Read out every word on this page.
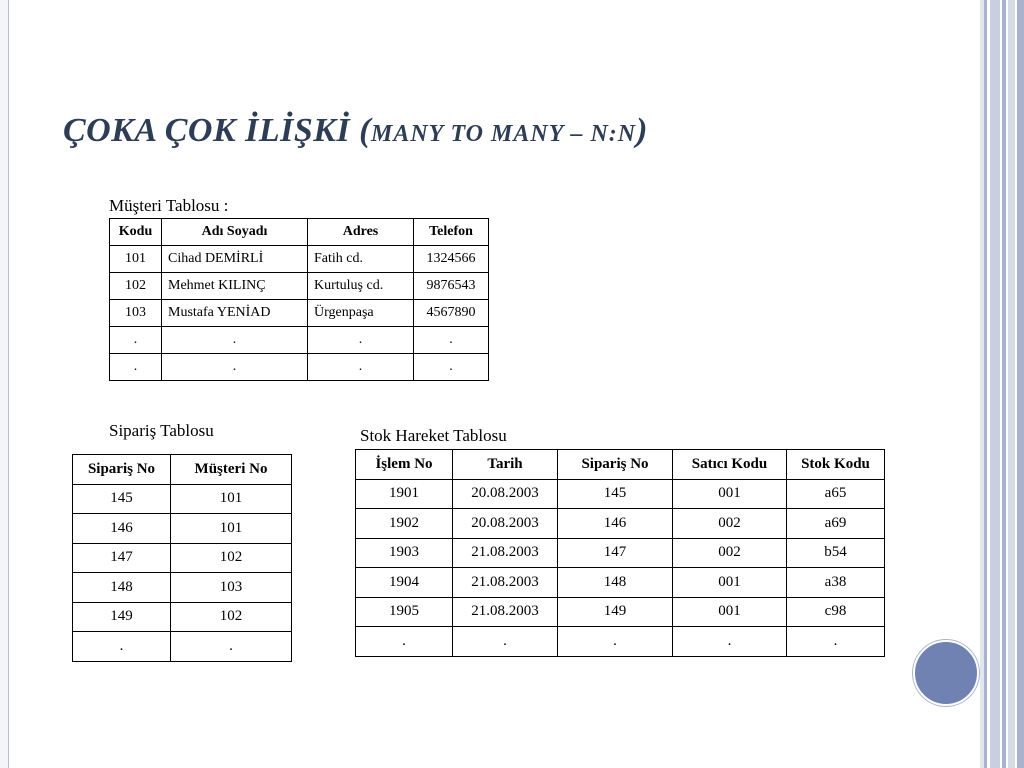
ÇOKA ÇOK İLİŞKİ (MANY TO MANY – N:N)
Müşteri Tablosu :
Kodu	Adı Soyadı	Adres	Telefon
101	Cihad DEMİRLİ	Fatih cd.	1324566
102	Mehmet KILINÇ	Kurtuluş cd.	9876543
103	Mustafa YENİAD	Ürgenpaşa	4567890
.	.	.	.
.	.	.	.
Sipariş Tablosu
Sipariş No	Müşteri No
145	101
146	101
147	102
148	103
149	102
.	.
Stok Hareket Tablosu
İşlem No	Tarih	Sipariş No	Satıcı Kodu	Stok Kodu
1901	20.08.2003	145	001	a65
1902	20.08.2003	146	002	a69
1903	21.08.2003	147	002	b54
1904	21.08.2003	148	001	a38
1905	21.08.2003	149	001	c98
.	.	.	.	.
